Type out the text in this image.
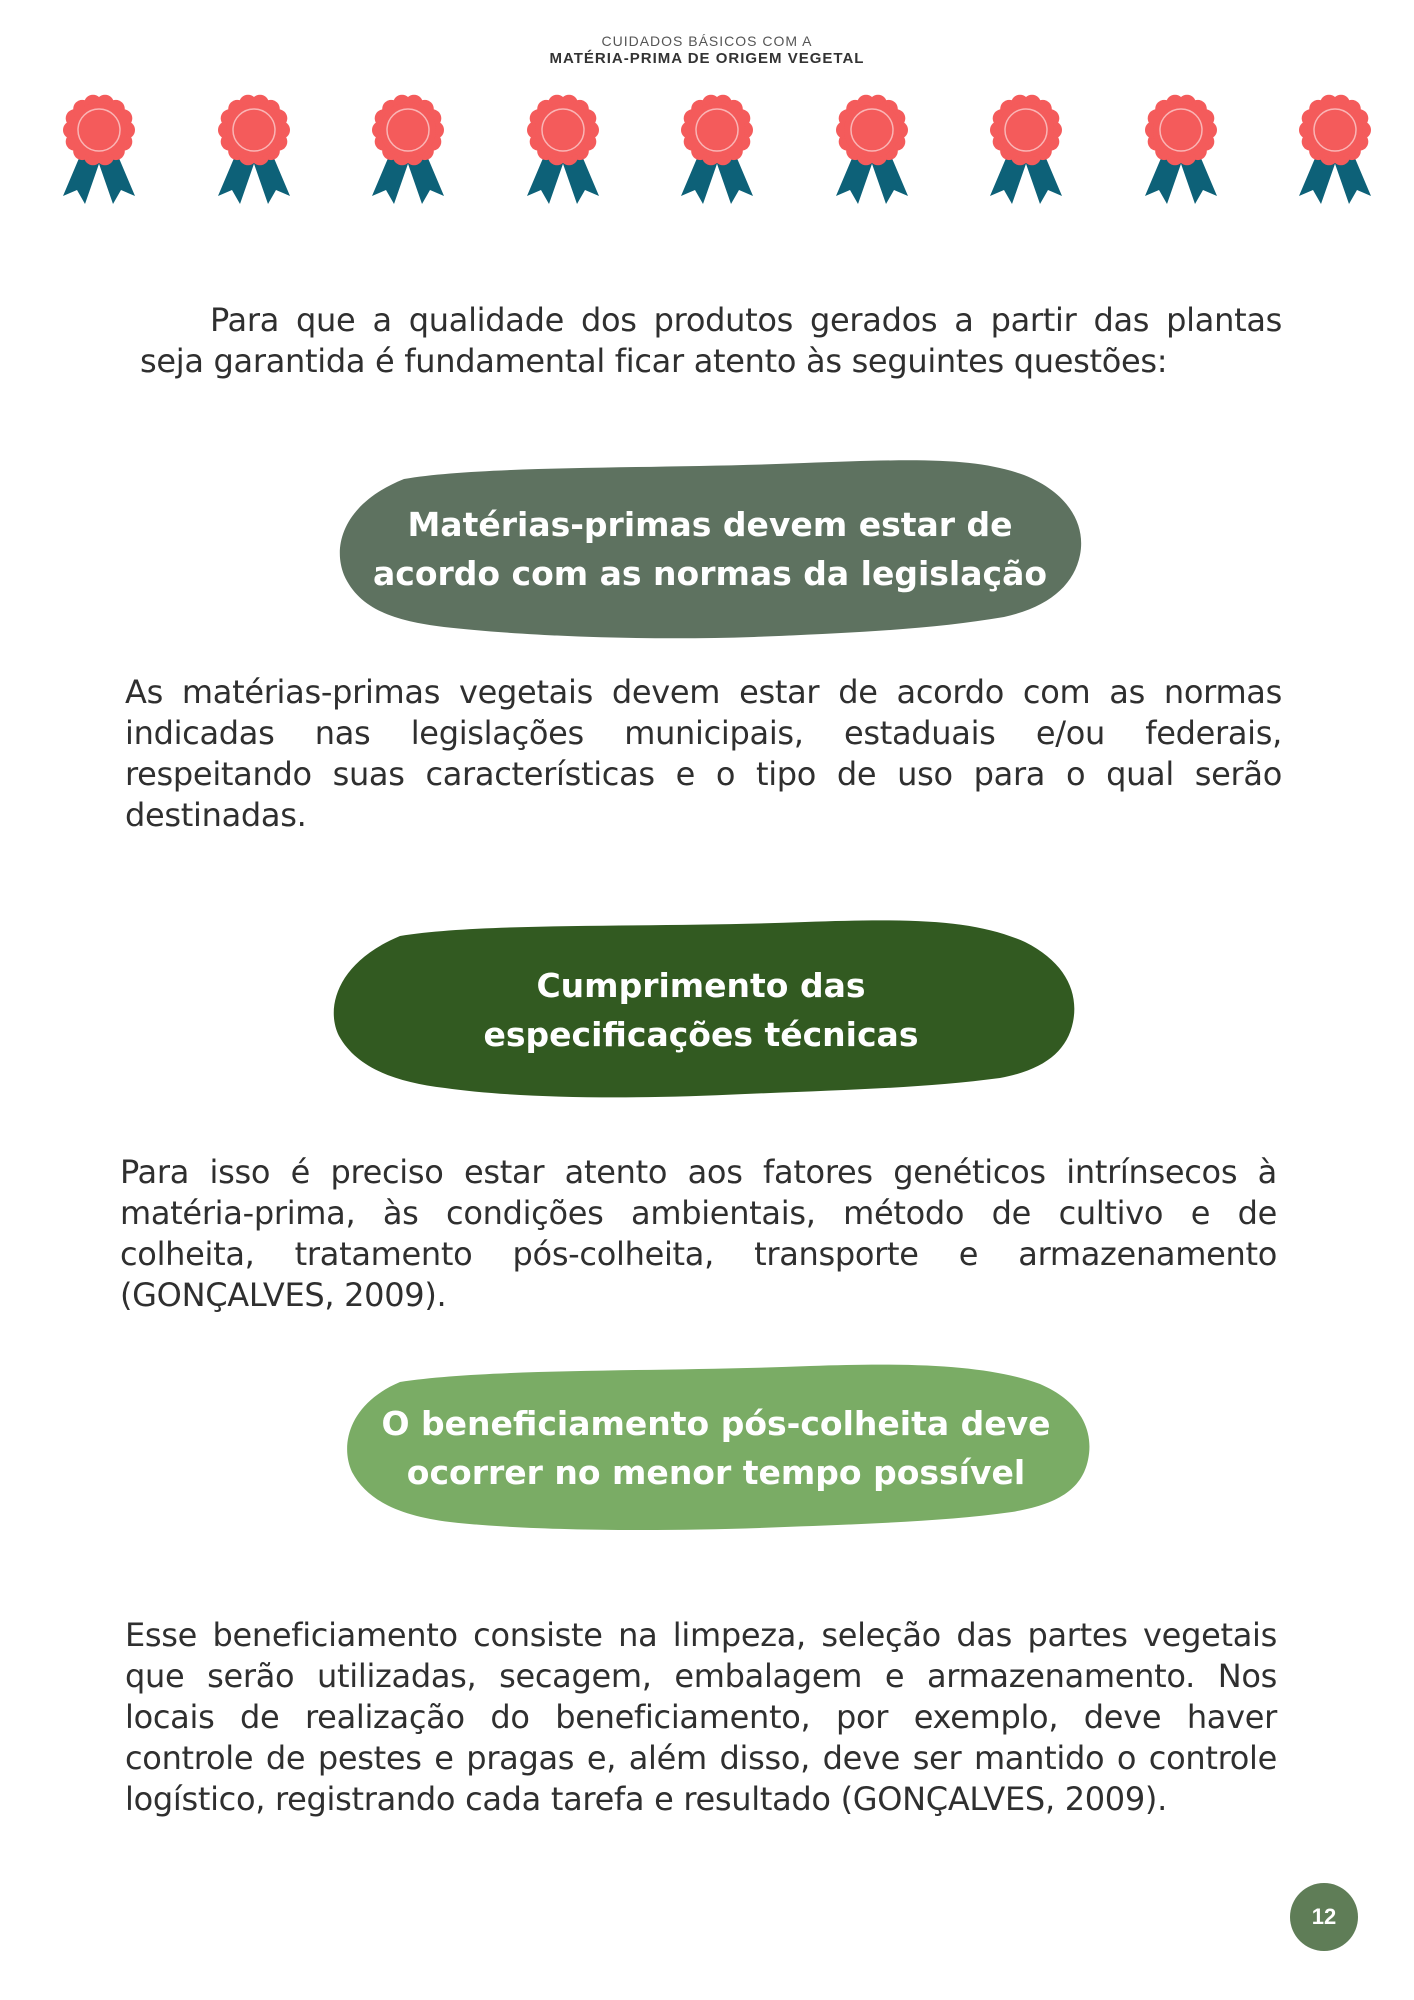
CUIDADOS BÁSICOS COM A
MATÉRIA-PRIMA DE ORIGEM VEGETAL
Para que a qualidade dos produtos gerados a partir das plantas seja garantida é fundamental ficar atento às seguintes questões:
Matérias-primas devem estar de
acordo com as normas da legislação
As matérias-primas vegetais devem estar de acordo com as normas indicadas nas legislações municipais, estaduais e/ou federais, respeitando suas características e o tipo de uso para o qual serão destinadas.
Cumprimento das
especificações técnicas
Para isso é preciso estar atento aos fatores genéticos intrínsecos à matéria-prima, às condições ambientais, método de cultivo e de colheita, tratamento pós-colheita, transporte e armazenamento (GONÇALVES, 2009).
O beneficiamento pós-colheita deve
ocorrer no menor tempo possível
Esse beneficiamento consiste na limpeza, seleção das partes vegetais que serão utilizadas, secagem, embalagem e armazenamento. Nos locais de realização do beneficiamento, por exemplo, deve haver controle de pestes e pragas e, além disso, deve ser mantido o controle logístico, registrando cada tarefa e resultado (GONÇALVES, 2009).
12
